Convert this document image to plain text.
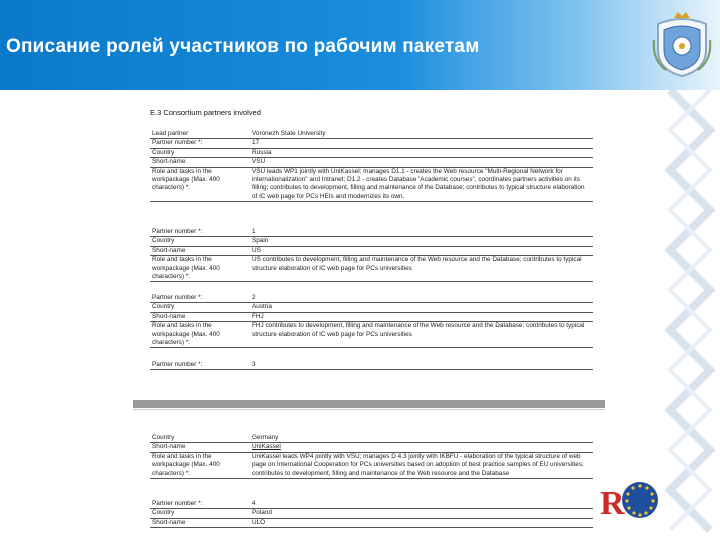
Описание ролей участников по рабочим пакетам
E.3 Consortium partners involved
Lead partner	Voronezh State University
Partner number *:	17
Country	Russia
Short-name	VSU
Role and tasks in the workpackage (Max. 400 characters) *:	VSU leads WP1 jointly with UniKassel; manages D1.1 - creates the Web resource "Multi-Regional Network for internationalization" and Intranet; D1.2 - creates Database "Academic courses", coordinates partners activities on its filling; contributes to development, filling and maintenance of the Database; contributes to typical structure elaboration of IC web page for PCs HEIs and modernizes its own.
Partner number *:	1
Country	Spain
Short-name	US
Role and tasks in the workpackage (Max. 400 characters) *:	US contributes to development, filling and maintenance of the Web resource and the Database; contributes to typical structure elaboration of IC web page for PCs universities
Partner number *:	2
Country	Austria
Short-name	FHJ
Role and tasks in the workpackage (Max. 400 characters) *:	FHJ contributes to development, filling and maintenance of the Web resource and the Database; contributes to typical structure elaboration of IC web page for PCs universities
Partner number *:	3
Country	Germany
Short-name	UniKassel
Role and tasks in the workpackage (Max. 400 characters) *:	UniKassel leads WP4 jointly with VSU; manages D 4.3 jointly with IKBFU - elaboration of the typical structure of web page on International Cooperation for PCs universities based on adoption of best practice samples of EU universities; contributes to development, filling and maintenance of the Web resource and the Database
Partner number *:	4
Country	Poland
Short-name	ULO
R
